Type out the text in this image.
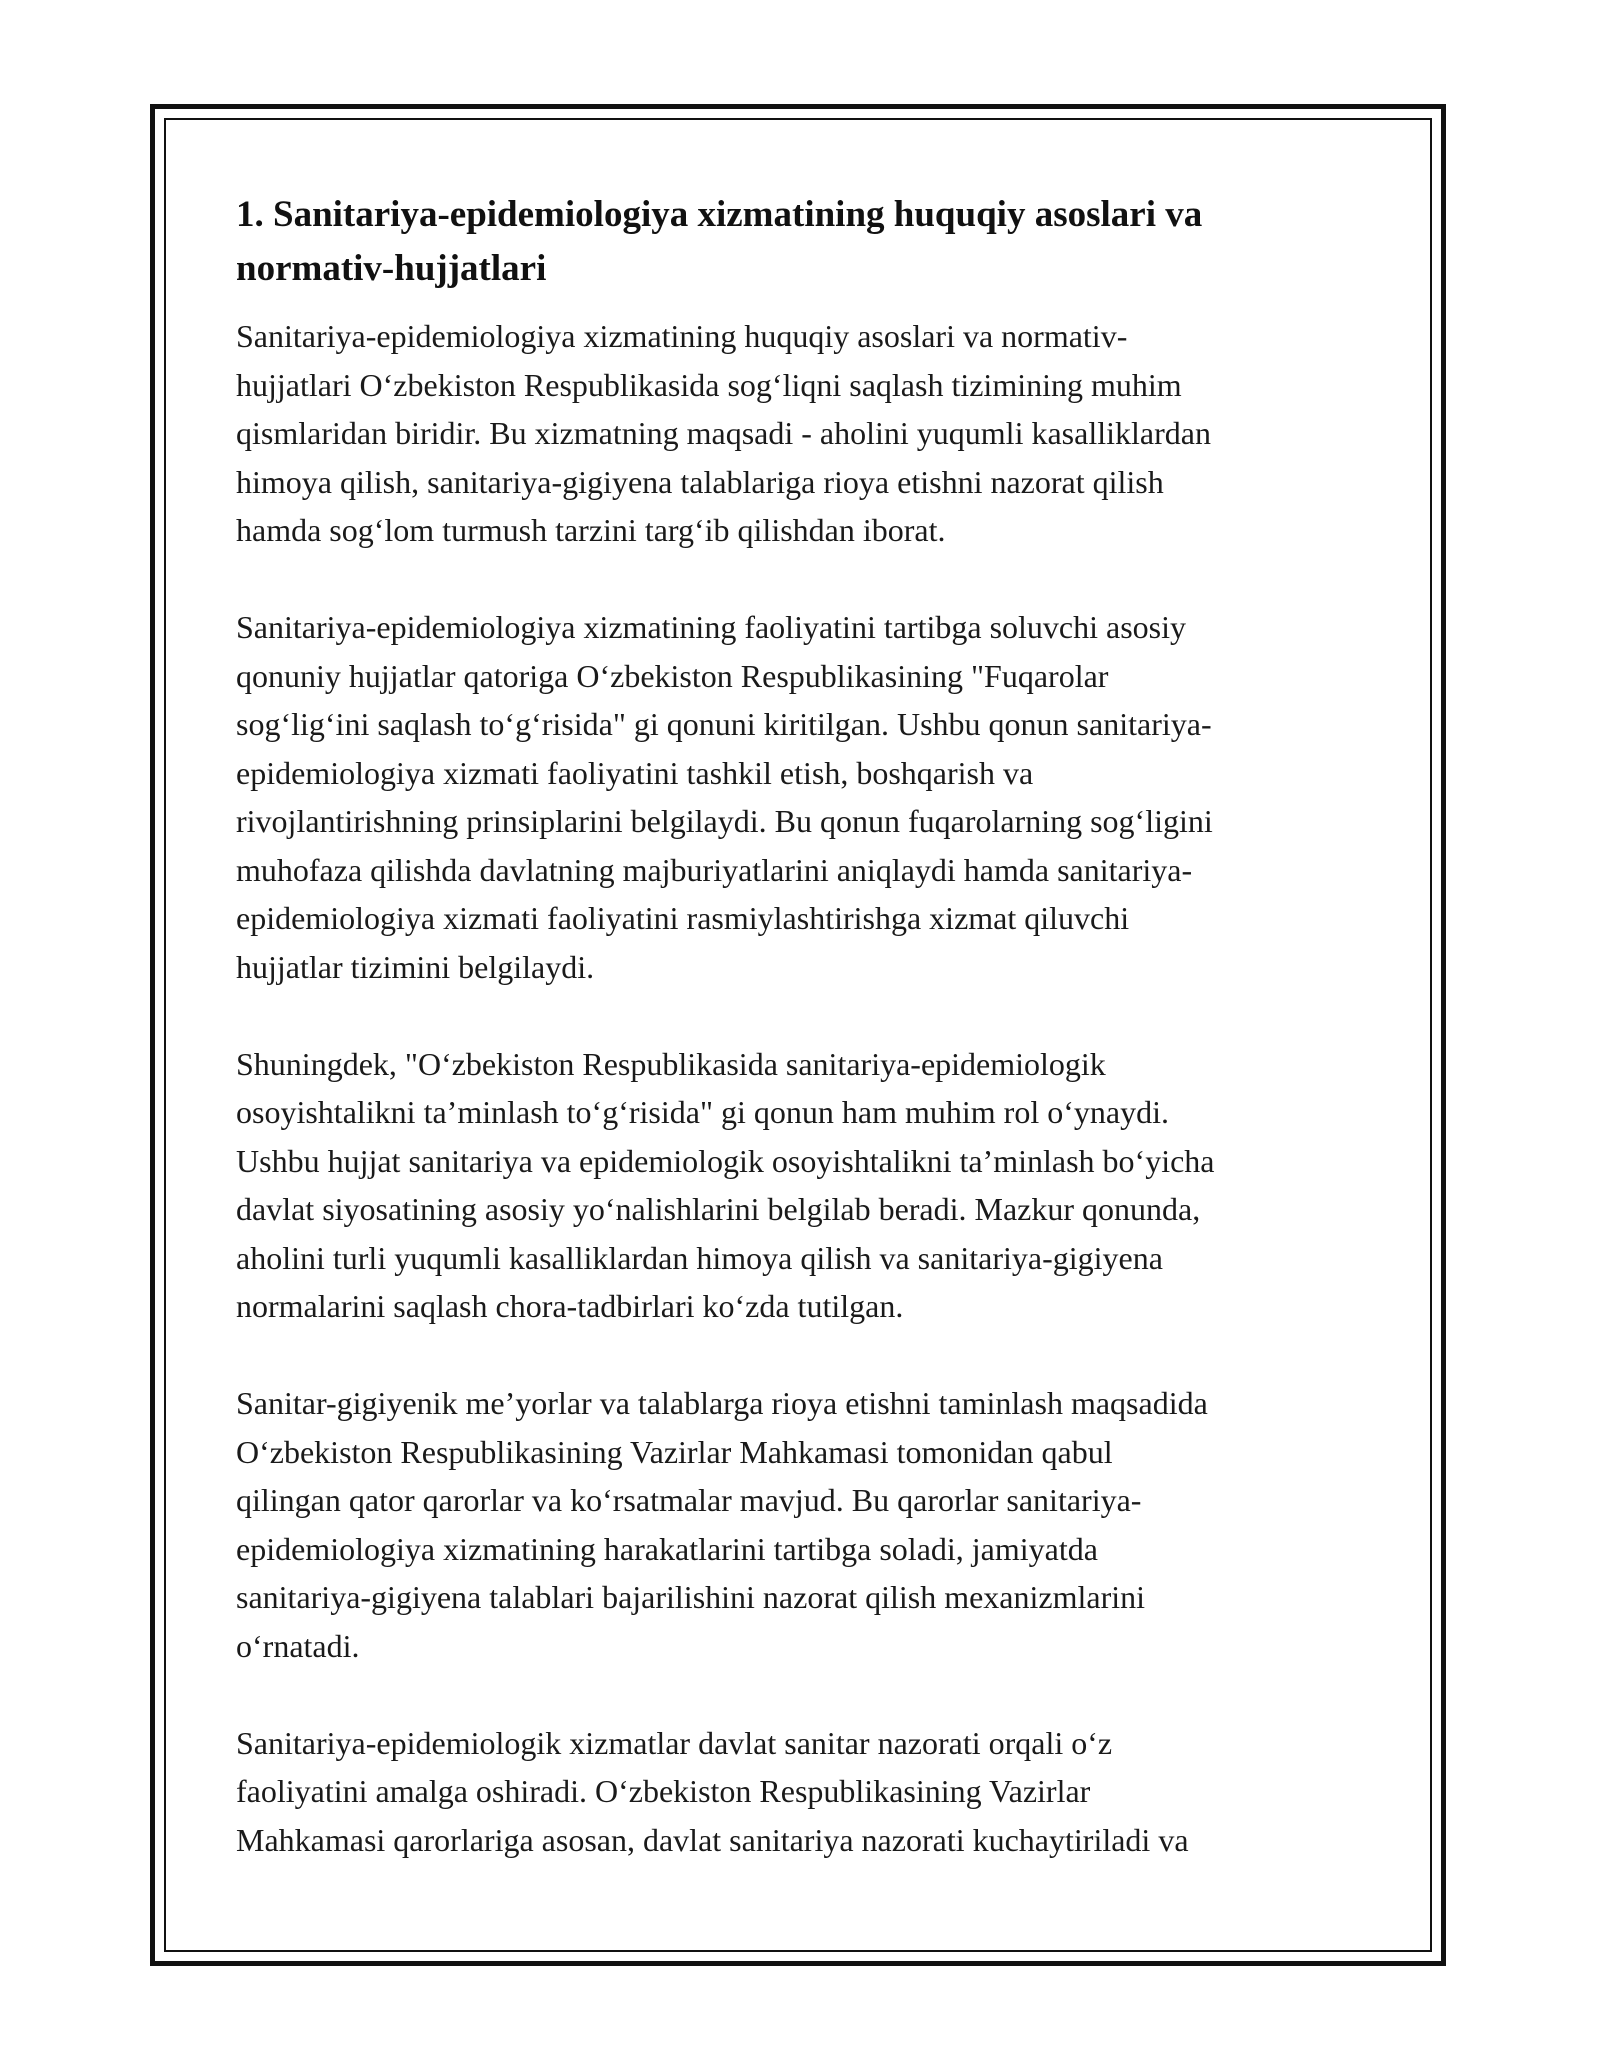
1. Sanitariya-epidemiologiya xizmatining huquqiy asoslari va
normativ-hujjatlari

Sanitariya-epidemiologiya xizmatining huquqiy asoslari va normativ-
hujjatlari O‘zbekiston Respublikasida sog‘liqni saqlash tizimining muhim
qismlaridan biridir. Bu xizmatning maqsadi - aholini yuqumli kasalliklardan
himoya qilish, sanitariya-gigiyena talablariga rioya etishni nazorat qilish
hamda sog‘lom turmush tarzini targ‘ib qilishdan iborat.

Sanitariya-epidemiologiya xizmatining faoliyatini tartibga soluvchi asosiy
qonuniy hujjatlar qatoriga O‘zbekiston Respublikasining "Fuqarolar
sog‘lig‘ini saqlash to‘g‘risida" gi qonuni kiritilgan. Ushbu qonun sanitariya-
epidemiologiya xizmati faoliyatini tashkil etish, boshqarish va
rivojlantirishning prinsiplarini belgilaydi. Bu qonun fuqarolarning sog‘ligini
muhofaza qilishda davlatning majburiyatlarini aniqlaydi hamda sanitariya-
epidemiologiya xizmati faoliyatini rasmiylashtirishga xizmat qiluvchi
hujjatlar tizimini belgilaydi.

Shuningdek, "O‘zbekiston Respublikasida sanitariya-epidemiologik
osoyishtalikni ta’minlash to‘g‘risida" gi qonun ham muhim rol o‘ynaydi.
Ushbu hujjat sanitariya va epidemiologik osoyishtalikni ta’minlash bo‘yicha
davlat siyosatining asosiy yo‘nalishlarini belgilab beradi. Mazkur qonunda,
aholini turli yuqumli kasalliklardan himoya qilish va sanitariya-gigiyena
normalarini saqlash chora-tadbirlari ko‘zda tutilgan.

Sanitar-gigiyenik me’yorlar va talablarga rioya etishni taminlash maqsadida
O‘zbekiston Respublikasining Vazirlar Mahkamasi tomonidan qabul
qilingan qator qarorlar va ko‘rsatmalar mavjud. Bu qarorlar sanitariya-
epidemiologiya xizmatining harakatlarini tartibga soladi, jamiyatda
sanitariya-gigiyena talablari bajarilishini nazorat qilish mexanizmlarini
o‘rnatadi.

Sanitariya-epidemiologik xizmatlar davlat sanitar nazorati orqali o‘z
faoliyatini amalga oshiradi. O‘zbekiston Respublikasining Vazirlar
Mahkamasi qarorlariga asosan, davlat sanitariya nazorati kuchaytiriladi va
